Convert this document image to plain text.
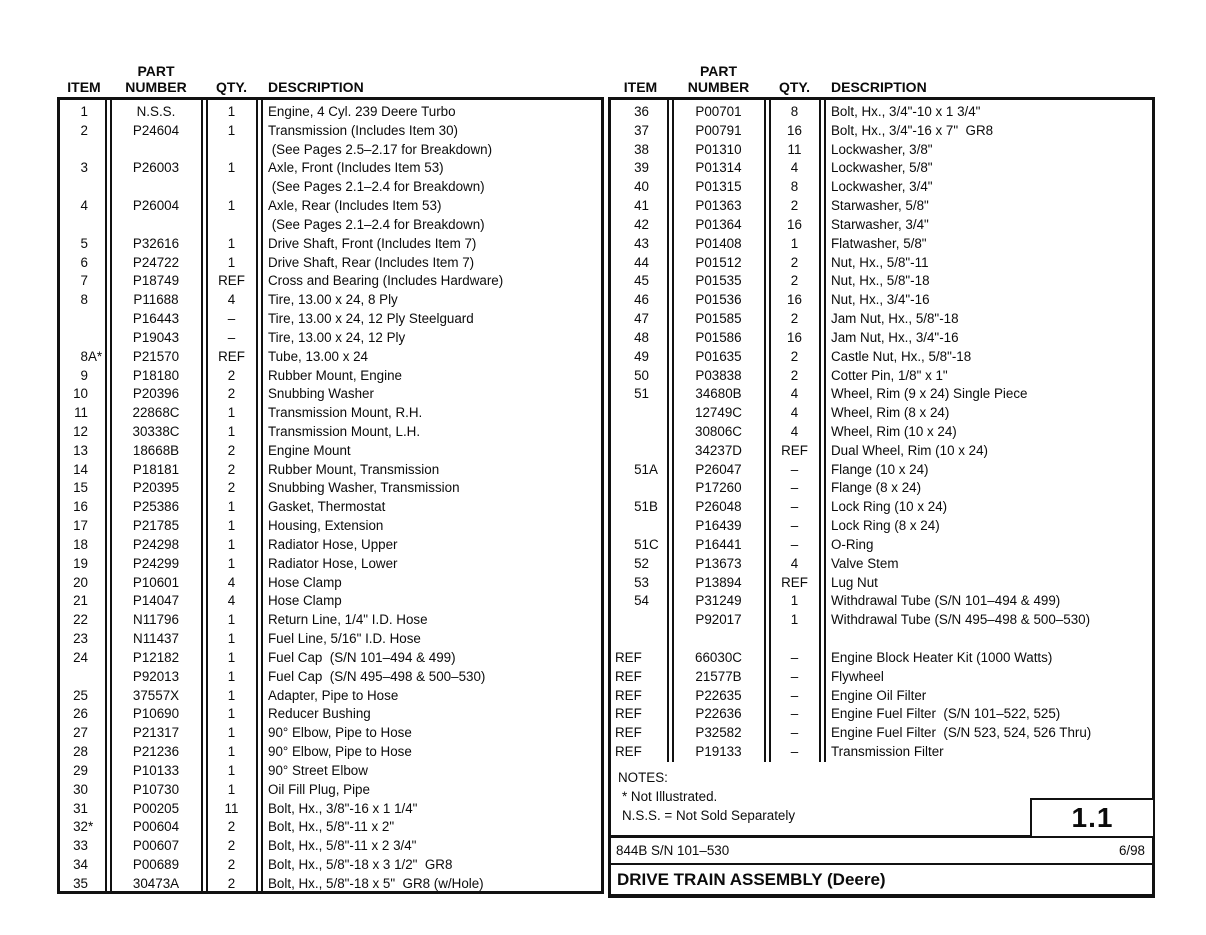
ITEM
PART
NUMBER	QTY.	DESCRIPTION	ITEM
PART
NUMBER	QTY.	DESCRIPTION
1	N.S.S.	1	Engine, 4 Cyl. 239 Deere Turbo
2	P24604	1	Transmission (Includes Item 30)
(See Pages 2.5–2.17 for Breakdown)
3	P26003	1	Axle, Front (Includes Item 53)
(See Pages 2.1–2.4 for Breakdown)
4	P26004	1	Axle, Rear (Includes Item 53)
(See Pages 2.1–2.4 for Breakdown)
5	P32616	1	Drive Shaft, Front (Includes Item 7)
6	P24722	1	Drive Shaft, Rear (Includes Item 7)
7	P18749	REF	Cross and Bearing (Includes Hardware)
8	P11688	4	Tire, 13.00 x 24, 8 Ply
P16443	–	Tire, 13.00 x 24, 12 Ply Steelguard
P19043	–	Tire, 13.00 x 24, 12 Ply
8 A*	P21570	REF	Tube, 13.00 x 24
9	P18180	2	Rubber Mount, Engine
10	P20396	2	Snubbing Washer
11	22868C	1	Transmission Mount, R.H.
12	30338C	1	Transmission Mount, L.H.
13	18668B	2	Engine Mount
14	P18181	2	Rubber Mount, Transmission
15	P20395	2	Snubbing Washer, Transmission
16	P25386	1	Gasket, Thermostat
17	P21785	1	Housing, Extension
18	P24298	1	Radiator Hose, Upper
19	P24299	1	Radiator Hose, Lower
20	P10601	4	Hose Clamp
21	P14047	4	Hose Clamp
22	N11796	1	Return Line, 1/4" I.D. Hose
23	N11437	1	Fuel Line, 5/16" I.D. Hose
24	P12182	1	Fuel Cap  (S/N 101–494 & 499)
P92013	1	Fuel Cap  (S/N 495–498 & 500–530)
25	37557X	1	Adapter, Pipe to Hose
26	P10690	1	Reducer Bushing
27	P21317	1	90° Elbow, Pipe to Hose
28	P21236	1	90° Elbow, Pipe to Hose
29	P10133	1	90° Street Elbow
30	P10730	1	Oil Fill Plug, Pipe
31	P00205	11	Bolt, Hx., 3/8"-16 x 1 1/4"
32 *	P00604	2	Bolt, Hx., 5/8"-11 x 2"
33	P00607	2	Bolt, Hx., 5/8"-11 x 2 3/4"
34	P00689	2	Bolt, Hx., 5/8"-18 x 3 1/2"  GR8
35	30473A	2	Bolt, Hx., 5/8"-18 x 5"  GR8 (w/Hole)
36	P00701	8	Bolt, Hx., 3/4"-10 x 1 3/4"
37	P00791	16	Bolt, Hx., 3/4"-16 x 7"  GR8
38	P01310	11	Lockwasher, 3/8"
39	P01314	4	Lockwasher, 5/8"
40	P01315	8	Lockwasher, 3/4"
41	P01363	2	Starwasher, 5/8"
42	P01364	16	Starwasher, 3/4"
43	P01408	1	Flatwasher, 5/8"
44	P01512	2	Nut, Hx., 5/8"-11
45	P01535	2	Nut, Hx., 5/8"-18
46	P01536	16	Nut, Hx., 3/4"-16
47	P01585	2	Jam Nut, Hx., 5/8"-18
48	P01586	16	Jam Nut, Hx., 3/4"-16
49	P01635	2	Castle Nut, Hx., 5/8"-18
50	P03838	2	Cotter Pin, 1/8" x 1"
51	34680B	4	Wheel, Rim (9 x 24) Single Piece
12749C	4	Wheel, Rim (8 x 24)
30806C	4	Wheel, Rim (10 x 24)
34237D	REF	Dual Wheel, Rim (10 x 24)
51 A	P26047	–	Flange (10 x 24)
P17260	–	Flange (8 x 24)
51 B	P26048	–	Lock Ring (10 x 24)
P16439	–	Lock Ring (8 x 24)
51 C	P16441	–	O-Ring
52	P13673	4	Valve Stem
53	P13894	REF	Lug Nut
54	P31249	1	Withdrawal Tube (S/N 101–494 & 499)
P92017	1	Withdrawal Tube (S/N 495–498 & 500–530)
REF	66030C	–	Engine Block Heater Kit (1000 Watts)
REF	21577B	–	Flywheel
REF	P22635	–	Engine Oil Filter
REF	P22636	–	Engine Fuel Filter  (S/N 101–522, 525)
REF	P32582	–	Engine Fuel Filter  (S/N 523, 524, 526 Thru)
REF	P19133	–	Transmission Filter
NOTES:
* Not Illustrated.
N.S.S. = Not Sold Separately	1.1
844B S/N 101–530	6/98
DRIVE TRAIN ASSEMBLY (Deere)
